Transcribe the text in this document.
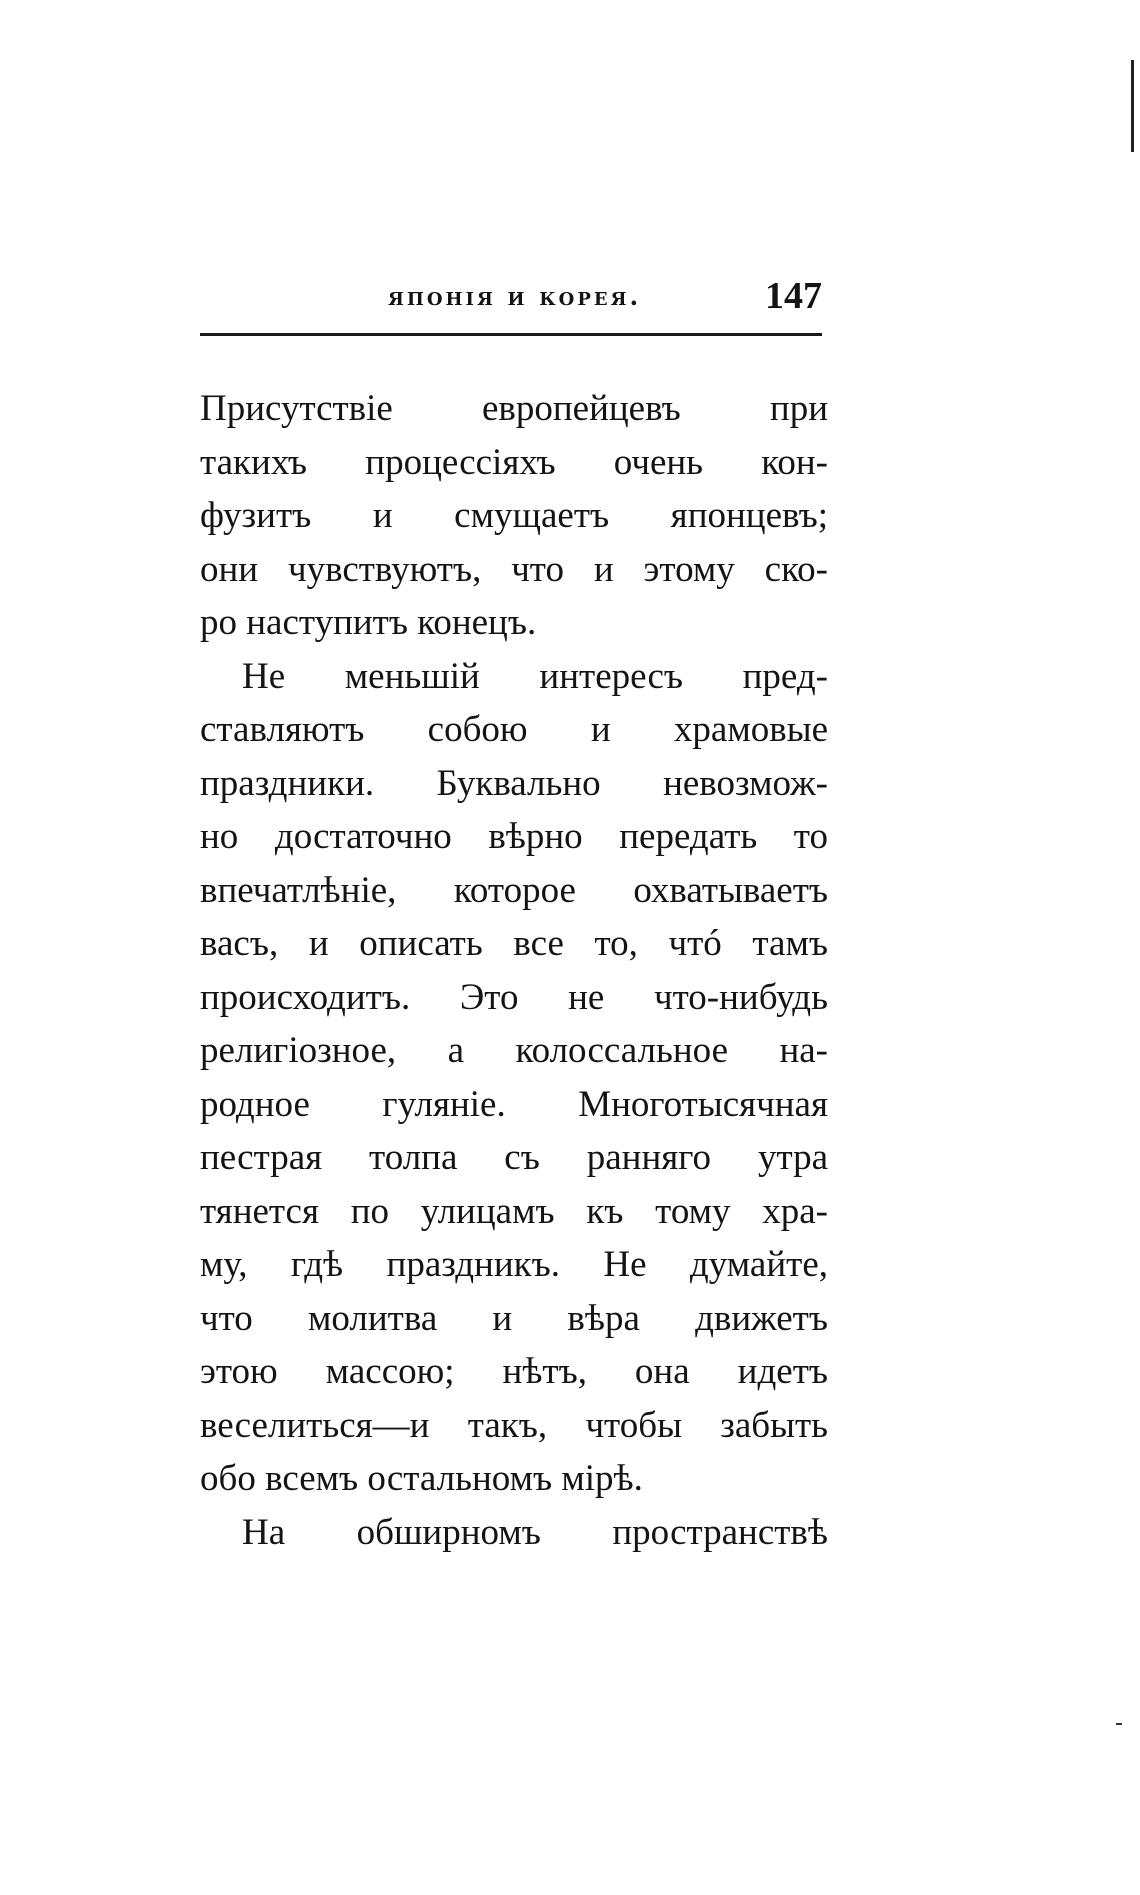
японія и корея.	147
Присутствіе европейцевъ при
такихъ процессіяхъ очень кон-
фузитъ и смущаетъ японцевъ;
они чувствуютъ, что и этому ско-
ро наступитъ конецъ.
Не меньшій интересъ пред-
ставляютъ собою и храмовые
праздники. Буквально невозмож-
но достаточно вѣрно передать то
впечатлѣніе, которое охватываетъ
васъ, и описать все то, чтó тамъ
происходитъ. Это не что-нибудь
религіозное, а колоссальное на-
родное гуляніе. Многотысячная
пестрая толпа съ ранняго утра
тянется по улицамъ къ тому хра-
му, гдѣ праздникъ. Не думайте,
что молитва и вѣра движетъ
этою массою; нѣтъ, она идетъ
веселиться—и такъ, чтобы забыть
обо всемъ остальномъ мірѣ.
На обширномъ пространствѣ
